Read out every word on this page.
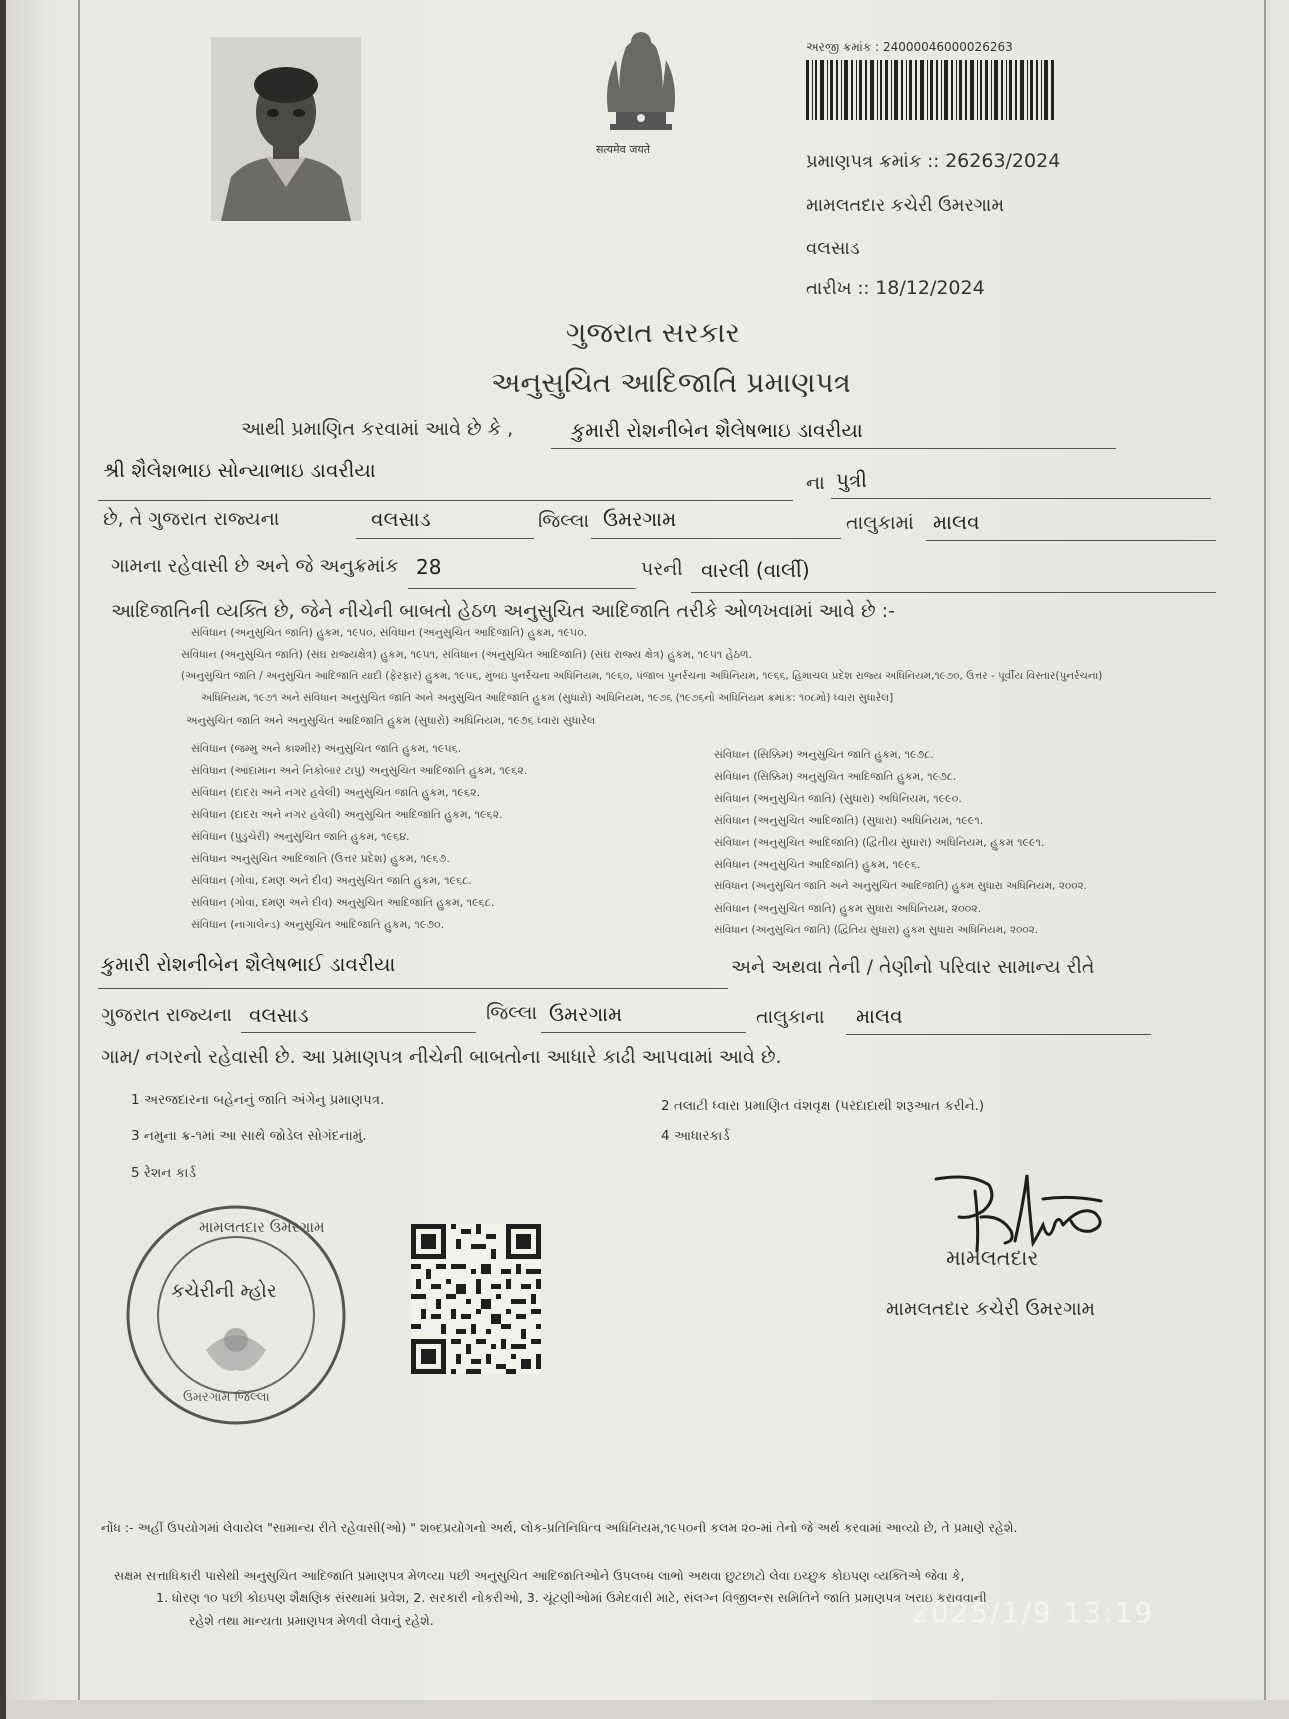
सत्यमेव जयते
અરજી ક્રમાંક : 24000046000026263
પ્રમાણપત્ર ક્રમાંક :: 26263/2024
મામલતદાર કચેરી ઉમરગામ
વલસાડ
તારીખ :: 18/12/2024
ગુજરાત સરકાર
અનુસુચિત આદિજાતિ પ્રમાણપત્ર
આથી પ્રમાણિત કરવામાં આવે છે કે ,	કુમારી રોશનીબેન શૈલેષભાઇ ડાવરીયા
શ્રી શૈલેશભાઇ સોન્યાભાઇ ડાવરીયા
ના પુત્રી
છે, તે ગુજરાત રાજ્યના	વલસાડ	જિલ્લા ઉમરગામ	તાલુકામાં માલવ
ગામના રહેવાસી છે અને જે અનુક્રમાંક 28	પરની વારલી (વાર્લી)
આદિજાતિની વ્યક્તિ છે, જેને નીચેની બાબતો હેઠળ અનુસુચિત આદિજાતિ તરીકે ઓળખવામાં આવે છે :-
સંવિધાન (અનુસુચિત જાતિ) હુકમ, ૧૯૫૦, સંવિધાન (અનુસુચિત આદિજાતિ) હુકમ, ૧૯૫૦.
સંવિધાન (અનુસુચિત જાતિ) (સંઘ રાજ્યક્ષેત્ર) હુકમ, ૧૯૫૧, સંવિધાન (અનુસુચિત આદિજાતિ) (સંઘ રાજ્ય ક્ષેત્ર) હુકમ, ૧૯૫૧ હેઠળ.
(અનુસુચિત જાતિ / અનુસુચિત આદિજાતિ યાદી (ફેરફાર) હુકમ, ૧૯૫૬, મુંબઇ પુનર્રચના અધિનિયમ, ૧૯૬૦, પંજાબ પુનર્રચના અધિનિયમ, ૧૯૬૬, હિમાચલ પ્રદેશ રાજ્ય અધિનિયમ,૧૯૭૦, ઉત્તર - પૂર્વીય વિસ્તાર(પુનર્રચના)
અધિનિયમ, ૧૯૭૧ અને સંવિધાન અનુસુચિત જાતિ અને અનુસુચિત આદિજાતિ હુકમ (સુધારો) અધિનિયમ, ૧૯૭૬ (૧૯૭૬નો અધિનિયમ ક્રમાંક: ૧૦૮મો) ધ્વારા સુધારેલ]
અનુસુચિત જાતિ અને અનુસુચિત આદિજાતિ હુકમ (સુધારો) અધિનિયમ, ૧૯૭૬ ધ્વારા સુધારેલ
સંવિધાન (જમ્મુ અને કાશ્મીર) અનુસુચિત જાતિ હુકમ, ૧૯૫૬.
સંવિધાન (આંદામાન અને નિકોબાર ટાપુ) અનુસુચિત આદિજાતિ હુકમ, ૧૯૬૨.
સંવિધાન (દાદરા અને નગર હવેલી) અનુસુચિત જાતિ હુકમ, ૧૯૬૨.
સંવિધાન (દાદરા અને નગર હવેલી) અનુસુચિત આદિજાતિ હુકમ, ૧૯૬૨.
સંવિધાન (પુડુચેરી) અનુસુચિત જાતિ હુકમ, ૧૯૬૪.
સંવિધાન અનુસુચિત આદિજાતિ (ઉત્તર પ્રદેશ) હુકમ, ૧૯૬૭.
સંવિધાન (ગોવા, દમણ અને દીવ) અનુસુચિત જાતિ હુકમ, ૧૯૬૮.
સંવિધાન (ગોવા, દમણ અને દીવ) અનુસુચિત આદિજાતિ હુકમ, ૧૯૬૮.
સંવિધાન (નાગાલેન્ડ) અનુસુચિત આદિજાતિ હુકમ, ૧૯૭૦.
સંવિધાન (સિક્કિમ) અનુસુચિત જાતિ હુકમ, ૧૯૭૮.
સંવિધાન (સિક્કિમ) અનુસુચિત આદિજાતિ હુકમ, ૧૯૭૮.
સંવિધાન (અનુસુચિત જાતિ) (સુધારા) અધિનિયમ, ૧૯૯૦.
સંવિધાન (અનુસુચિત આદિજાતિ) (સુધારા) અધિનિયમ, ૧૯૯૧.
સંવિધાન (અનુસુચિત આદિજાતિ) (દ્વિતીય સુધારા) અધિનિયમ, હુકમ ૧૯૯૧.
સંવિધાન (અનુસુચિત આદિજાતિ) હુકમ, ૧૯૯૬.
સંવિધાન (અનુસુચિત જાતિ અને અનુસુચિત આદિજાતિ) હુકમ સુધારા અધિનિયમ, ૨૦૦૨.
સંવિધાન (અનુસુચિત જાતિ) હુકમ સુધારા અધિનિયમ, ૨૦૦૨.
સંવિધાન (અનુસુચિત જાતિ) (દ્વિતિય સુધારા) હુકમ સુધારા અધિનિયમ, ૨૦૦૨.
કુમારી રોશનીબેન શૈલેષભાઈ ડાવરીયા	અને અથવા તેની / તેણીનો પરિવાર સામાન્ય રીતે
ગુજરાત રાજ્યના વલસાડ	જિલ્લા ઉમરગામ	તાલુકાના માલવ
ગામ/ નગરનો રહેવાસી છે. આ પ્રમાણપત્ર નીચેની બાબતોના આધારે કાઢી આપવામાં આવે છે.
1 અરજદારના બહેનનું જાતિ અંગેનુ પ્રમાણપત્ર.	2 તલાટી ધ્વારા પ્રમાણિત વંશવૃક્ષ (પરદાદાથી શરૂઆત કરીને.)
3 નમુના ક્ર-૧માં આ સાથે જોડેલ સોગંદનામું.	4 આધારકાર્ડ
5 રેશન કાર્ડ
મામલતદાર ઉમરગામ
કચેરીની મ્હોર
ઉમરગામ જિલ્લા
મામલતદાર
મામલતદાર કચેરી ઉમરગામ
નોંધ :- અહીં ઉપયોગમાં લેવાયેલ "સામાન્ય રીતે રહેવાસી(ઓ) " શબ્દપ્રયોગનો અર્થ, લોક-પ્રતિનિધિત્વ અધિનિયમ,૧૯૫૦ની કલમ ૨૦-માં તેનો જે અર્થ કરવામાં આવ્યો છે, તે પ્રમાણે રહેશે.
સક્ષમ સત્તાધિકારી પાસેથી અનુસુચિત આદિજાતિ પ્રમાણપત્ર મેળવ્યા પછી અનુસુચિત આદિજાતિઓને ઉપલબ્ધ લાભો અથવા છુટછાટો લેવા ઇચ્છુક કોઇપણ વ્યક્તિએ જેવા કે,
1. ધોરણ ૧૦ પછી કોઇપણ શૈક્ષણિક સંસ્થામાં પ્રવેશ, 2. સરકારી નોકરીઓ, 3. ચૂંટણીઓમાં ઉમેદવારી માટે, સંલગ્ન વિજીલન્સ સમિતિને જાતિ પ્રમાણપત્ર ખરાઇ કરાવવાની
રહેશે તથા માન્યતા પ્રમાણપત્ર મેળવી લેવાનું રહેશે.	2025/1/9 13:19
